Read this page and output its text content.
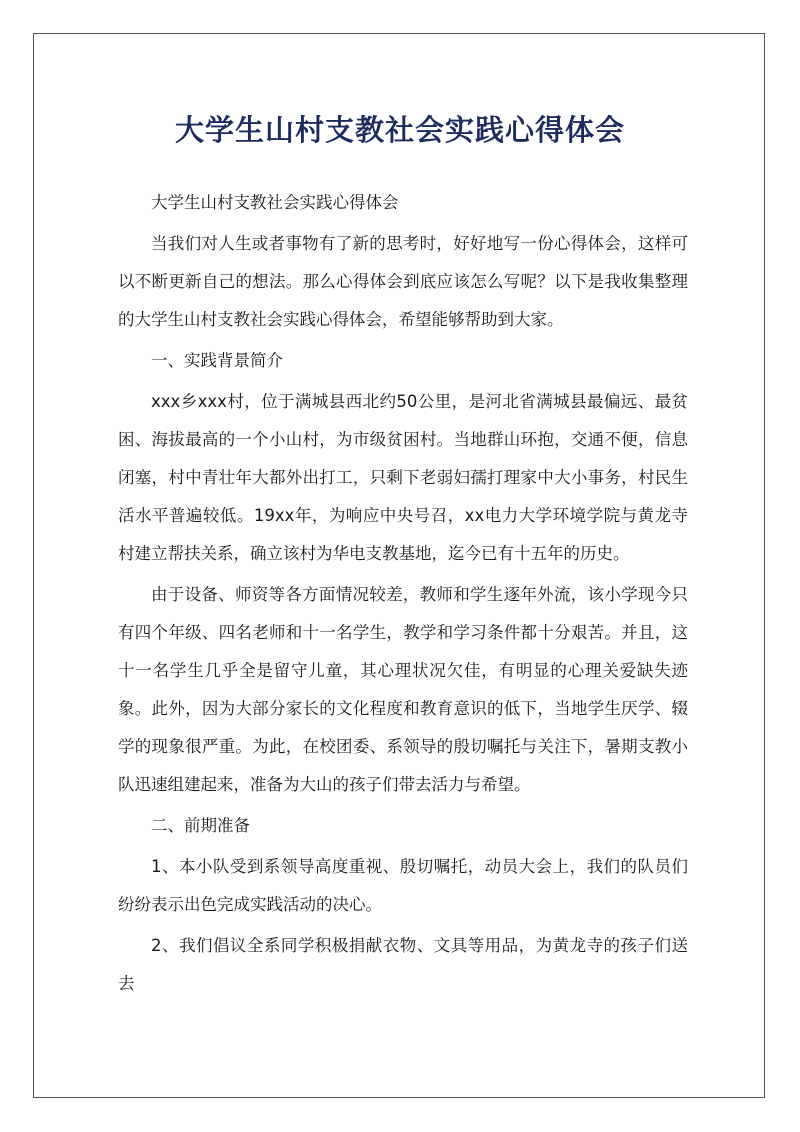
大学生山村支教社会实践心得体会

大学生山村支教社会实践心得体会

当我们对人生或者事物有了新的思考时，好好地写一份心得体会，这样可以不断更新自己的想法。那么心得体会到底应该怎么写呢？以下是我收集整理的大学生山村支教社会实践心得体会，希望能够帮助到大家。

一、实践背景简介

xxx乡xxx村，位于满城县西北约50公里，是河北省满城县最偏远、最贫困、海拔最高的一个小山村，为市级贫困村。当地群山环抱，交通不便，信息闭塞，村中青壮年大都外出打工，只剩下老弱妇孺打理家中大小事务，村民生活水平普遍较低。19xx年，为响应中央号召，xx电力大学环境学院与黄龙寺村建立帮扶关系，确立该村为华电支教基地，迄今已有十五年的历史。

由于设备、师资等各方面情况较差，教师和学生逐年外流，该小学现今只有四个年级、四名老师和十一名学生，教学和学习条件都十分艰苦。并且，这十一名学生几乎全是留守儿童，其心理状况欠佳，有明显的心理关爱缺失迹象。此外，因为大部分家长的文化程度和教育意识的低下，当地学生厌学、辍学的现象很严重。为此，在校团委、系领导的殷切嘱托与关注下，暑期支教小队迅速组建起来，准备为大山的孩子们带去活力与希望。

二、前期准备

1、本小队受到系领导高度重视、殷切嘱托，动员大会上，我们的队员们纷纷表示出色完成实践活动的决心。

2、我们倡议全系同学积极捐献衣物、文具等用品，为黄龙寺的孩子们送去
